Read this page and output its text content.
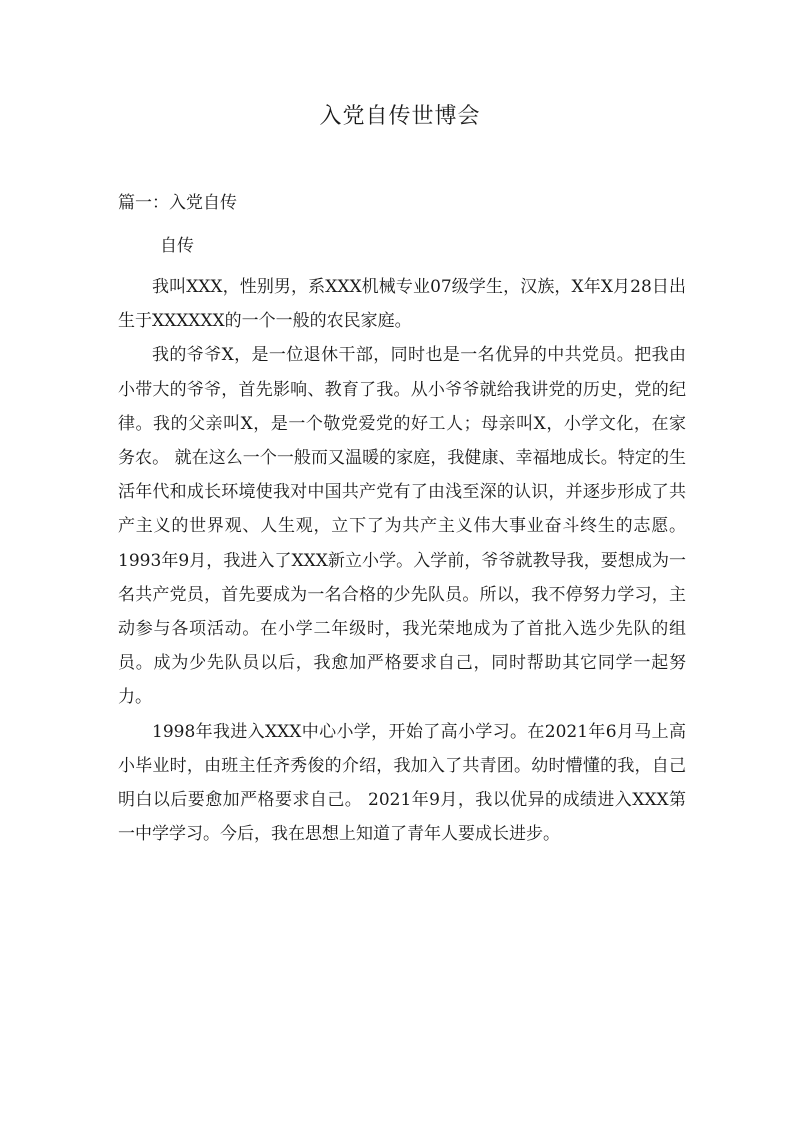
入党自传世博会
篇一：入党自传
自传

我叫XXX，性别男，系XXX机械专业07级学生，汉族，X年X月28日出生于XXXXXX的一个一般的农民家庭。

我的爷爷X，是一位退休干部，同时也是一名优异的中共党员。把我由小带大的爷爷，首先影响、教育了我。从小爷爷就给我讲党的历史，党的纪律。我的父亲叫X，是一个敬党爱党的好工人；母亲叫X，小学文化，在家务农。 就在这么一个一般而又温暖的家庭，我健康、幸福地成长。特定的生活年代和成长环境使我对中国共产党有了由浅至深的认识，并逐步形成了共产主义的世界观、人生观，立下了为共产主义伟大事业奋斗终生的志愿。 1993年9月，我进入了XXX新立小学。入学前，爷爷就教导我，要想成为一名共产党员，首先要成为一名合格的少先队员。所以，我不停努力学习，主动参与各项活动。在小学二年级时，我光荣地成为了首批入选少先队的组员。成为少先队员以后，我愈加严格要求自己，同时帮助其它同学一起努力。

1998年我进入XXX中心小学，开始了高小学习。在2021年6月马上高小毕业时，由班主任齐秀俊的介绍，我加入了共青团。幼时懵懂的我，自己明白以后要愈加严格要求自己。 2021年9月，我以优异的成绩进入XXX第一中学学习。今后，我在思想上知道了青年人要成长进步。
